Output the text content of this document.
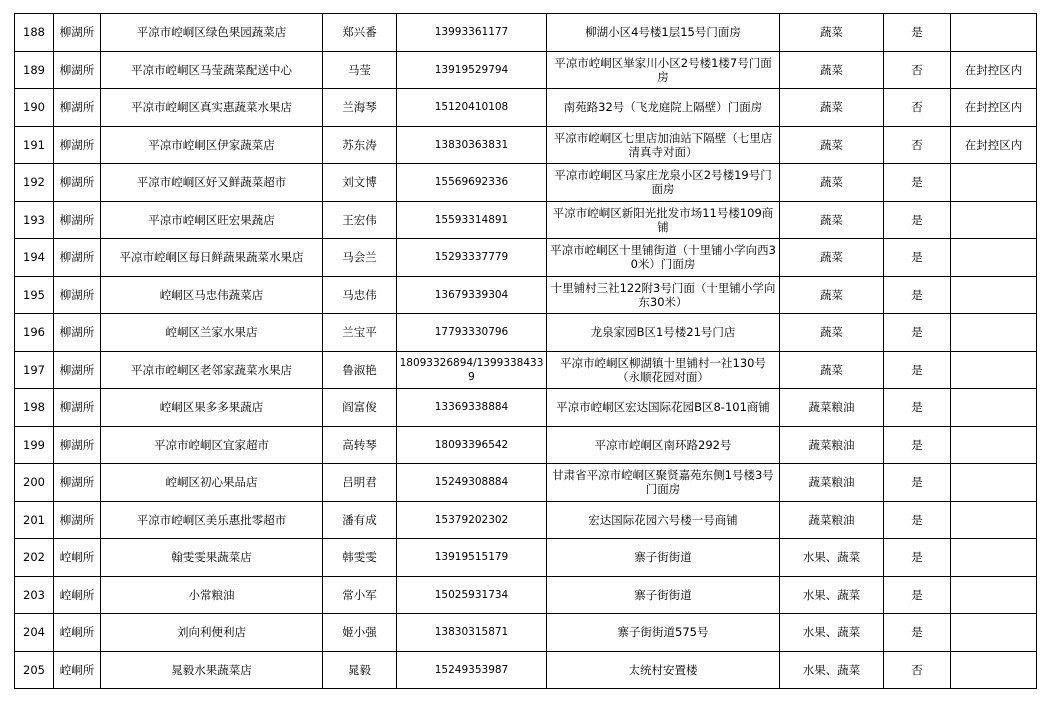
188	柳湖所	平凉市崆峒区绿色果园蔬菜店	郑兴番	13993361177	柳湖小区4号楼1层15号门面房	蔬菜	是	
189	柳湖所	平凉市崆峒区马莹蔬菜配送中心	马莹	13919529794	平凉市崆峒区崋家川小区2号楼1楼7号门面房	蔬菜	否	在封控区内
190	柳湖所	平凉市崆峒区真实惠蔬菜水果店	兰海琴	15120410108	南苑路32号（飞龙庭院上隔壁）门面房	蔬菜	否	在封控区内
191	柳湖所	平凉市崆峒区伊家蔬菜店	苏东涛	13830363831	平凉市崆峒区七里店加油站下隔壁（七里店清真寺对面）	蔬菜	否	在封控区内
192	柳湖所	平凉市崆峒区好又鲜蔬菜超市	刘文博	15569692336	平凉市崆峒区马家庄龙泉小区2号楼19号门面房	蔬菜	是	
193	柳湖所	平凉市崆峒区旺宏果蔬店	王宏伟	15593314891	平凉市崆峒区新阳光批发市场11号楼109商铺	蔬菜	是	
194	柳湖所	平凉市崆峒区每日鲜蔬果蔬菜水果店	马会兰	15293337779	平凉市崆峒区十里铺街道（十里铺小学向西30米）门面房	蔬菜	是	
195	柳湖所	崆峒区马忠伟蔬菜店	马忠伟	13679339304	十里铺村三社122附3号门面（十里铺小学向东30米）	蔬菜	是	
196	柳湖所	崆峒区兰家水果店	兰宝平	17793330796	龙泉家园B区1号楼21号门店	蔬菜	是	
197	柳湖所	平凉市崆峒区老邻家蔬菜水果店	鲁淑艳	18093326894/13993384339	平凉市崆峒区柳湖镇十里铺村一社130号（永顺花园对面）	蔬菜	是	
198	柳湖所	崆峒区果多多果蔬店	阎富俊	13369338884	平凉市崆峒区宏达国际花园B区8-101商铺	蔬菜粮油	是	
199	柳湖所	平凉市崆峒区宜家超市	高转琴	18093396542	平凉市崆峒区南环路292号	蔬菜粮油	是	
200	柳湖所	崆峒区初心果品店	吕明君	15249308884	甘肃省平凉市崆峒区聚贤嘉苑东侧1号楼3号门面房	蔬菜粮油	是	
201	柳湖所	平凉市崆峒区美乐惠批零超市	潘有成	15379202302	宏达国际花园六号楼一号商铺	蔬菜粮油	是	
202	崆峒所	翰雯雯果蔬菜店	韩雯雯	13919515179	寨子街街道	水果、蔬菜	是	
203	崆峒所	小常粮油	常小军	15025931734	寨子街街道	水果、蔬菜	是	
204	崆峒所	刘向利便利店	姬小强	13830315871	寨子街街道575号	水果、蔬菜	是	
205	崆峒所	晁毅水果蔬菜店	晁毅	15249353987	太统村安置楼	水果、蔬菜	否	
